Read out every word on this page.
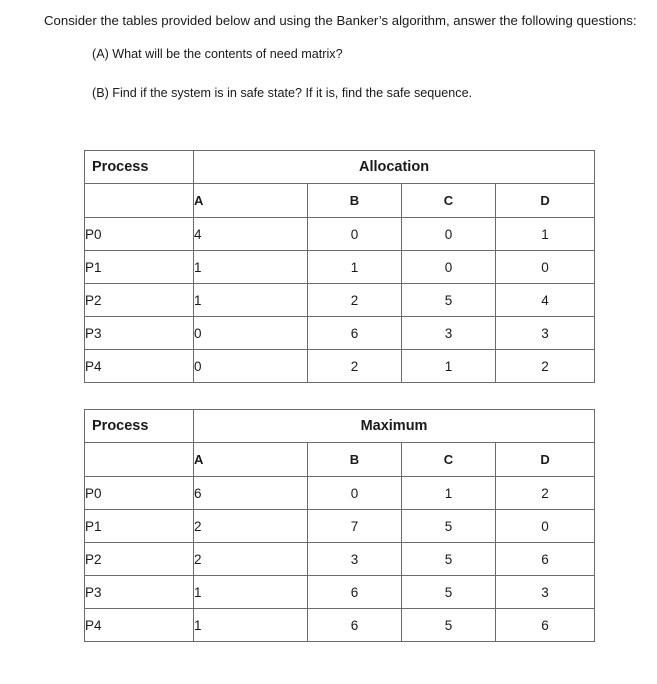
Consider the tables provided below and using the Banker’s algorithm, answer the following questions:
(A) What will be the contents of need matrix?
(B) Find if the system is in safe state? If it is, find the safe sequence.
Process	Allocation			
	A	B	C	D
P0	4	0	0	1
P1	1	1	0	0
P2	1	2	5	4
P3	0	6	3	3
P4	0	2	1	2
Process	Maximum			
	A	B	C	D
P0	6	0	1	2
P1	2	7	5	0
P2	2	3	5	6
P3	1	6	5	3
P4	1	6	5	6
